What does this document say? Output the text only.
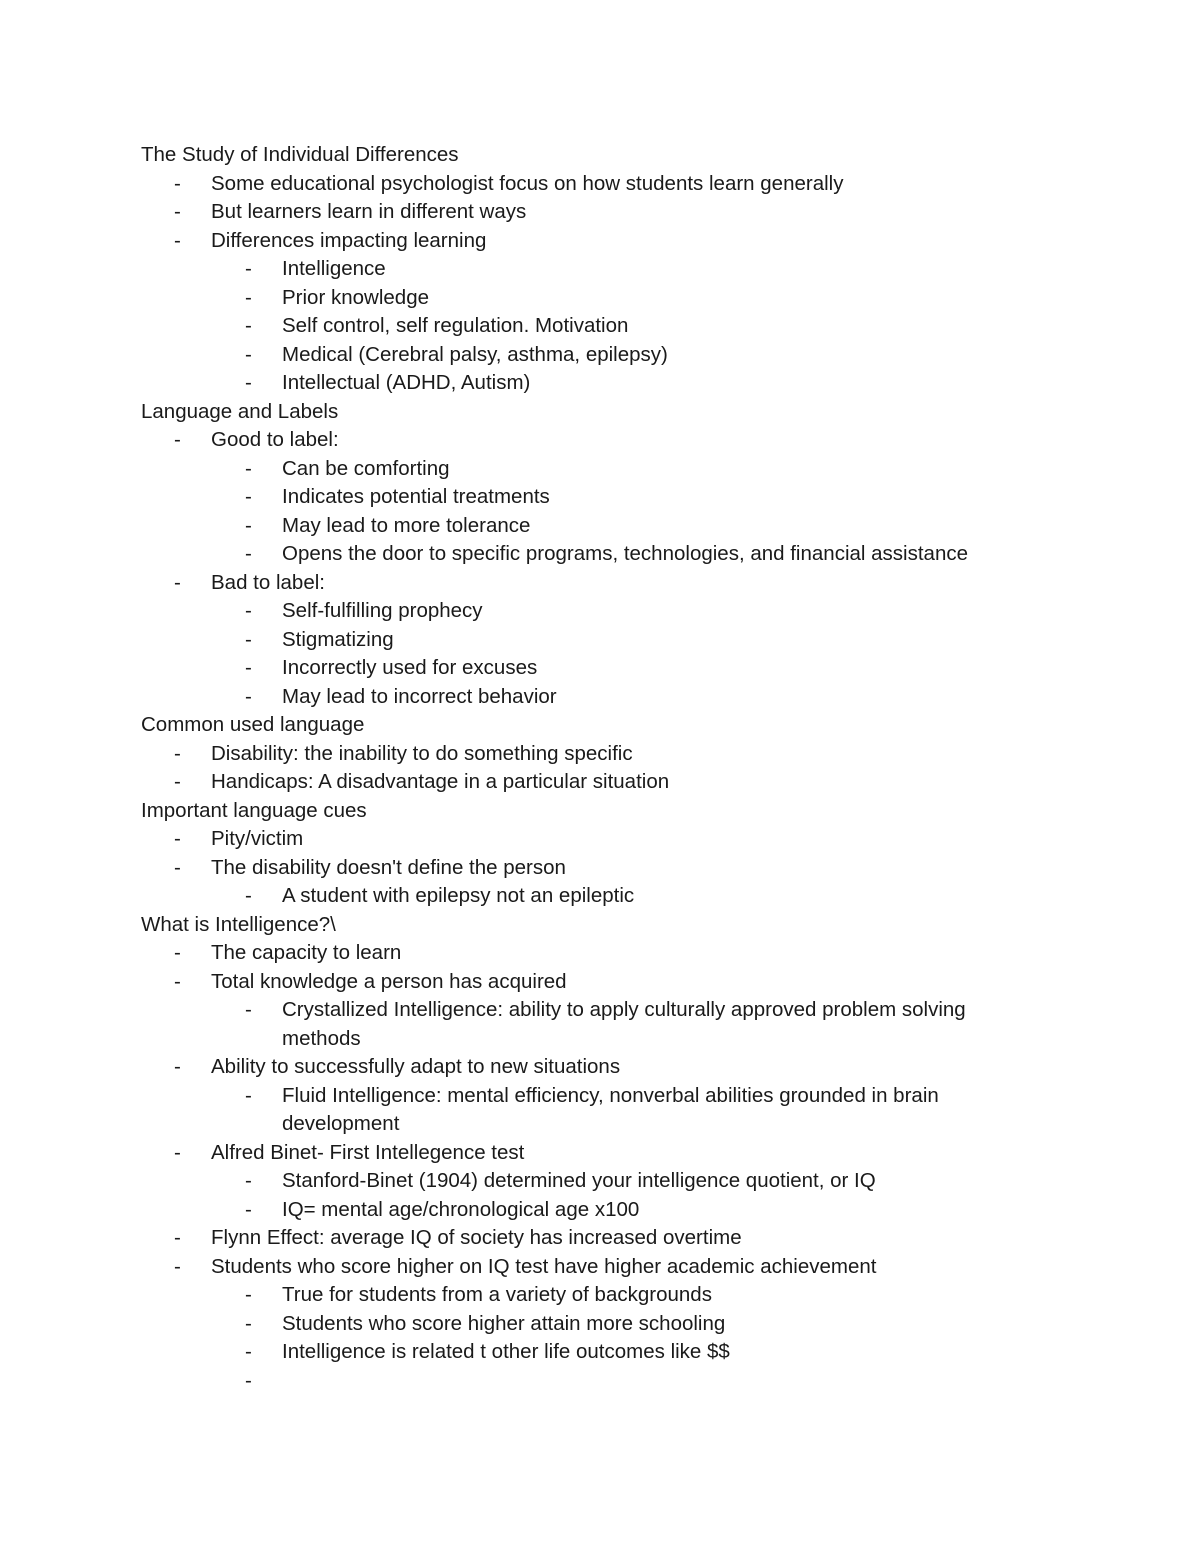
The Study of Individual Differences
- Some educational psychologist focus on how students learn generally
- But learners learn in different ways
- Differences impacting learning
- Intelligence
- Prior knowledge
- Self control, self regulation. Motivation
- Medical (Cerebral palsy, asthma, epilepsy)
- Intellectual (ADHD, Autism)
Language and Labels
- Good to label:
- Can be comforting
- Indicates potential treatments
- May lead to more tolerance
- Opens the door to specific programs, technologies, and financial assistance
- Bad to label:
- Self-fulfilling prophecy
- Stigmatizing
- Incorrectly used for excuses
- May lead to incorrect behavior
Common used language
- Disability: the inability to do something specific
- Handicaps: A disadvantage in a particular situation
Important language cues
- Pity/victim
- The disability doesn't define the person
- A student with epilepsy not an epileptic
What is Intelligence?\
- The capacity to learn
- Total knowledge a person has acquired
- Crystallized Intelligence: ability to apply culturally approved problem solving methods
- Ability to successfully adapt to new situations
- Fluid Intelligence: mental efficiency, nonverbal abilities grounded in brain development
- Alfred Binet- First Intellegence test
- Stanford-Binet (1904) determined your intelligence quotient, or IQ
- IQ= mental age/chronological age x100
- Flynn Effect: average IQ of society has increased overtime
- Students who score higher on IQ test have higher academic achievement
- True for students from a variety of backgrounds
- Students who score higher attain more schooling
- Intelligence is related t other life outcomes like $$
-
